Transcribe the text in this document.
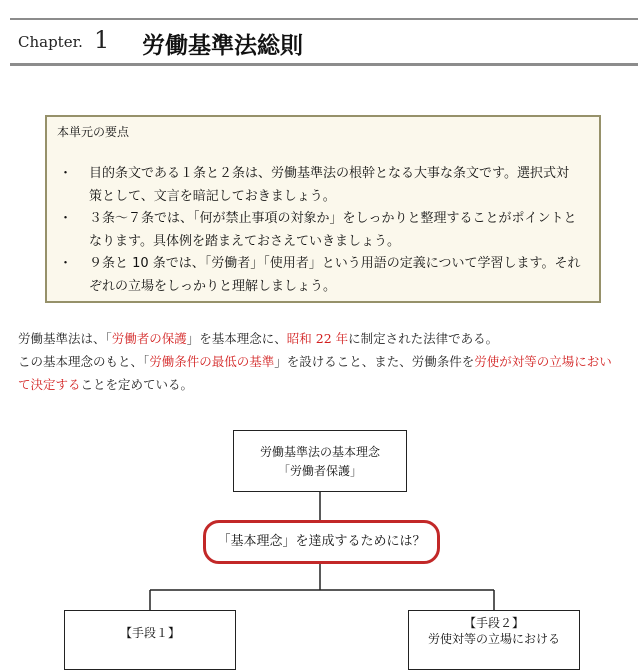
Chapter. 1 労働基準法総則
本単元の要点
・ 目的条文である１条と２条は、労働基準法の根幹となる大事な条文です。選択式対
策として、文言を暗記しておきましょう。
・ ３条～７条では、「何が禁止事項の対象か」をしっかりと整理することがポイントと
なります。具体例を踏まえておさえていきましょう。
・ ９条と 10 条では、「労働者」「使用者」という用語の定義について学習します。それ
ぞれの立場をしっかりと理解しましょう。

労働基準法は、「労働者の保護」を基本理念に、昭和 22 年に制定された法律である。
この基本理念のもと、「労働条件の最低の基準」を設けること、また、労働条件を労使が対等の立場において決定することを定めている。

労働基準法の基本理念
「労働者保護」
「基本理念」を達成するためには？
【手段１】
【手段２】
労使対等の立場における
